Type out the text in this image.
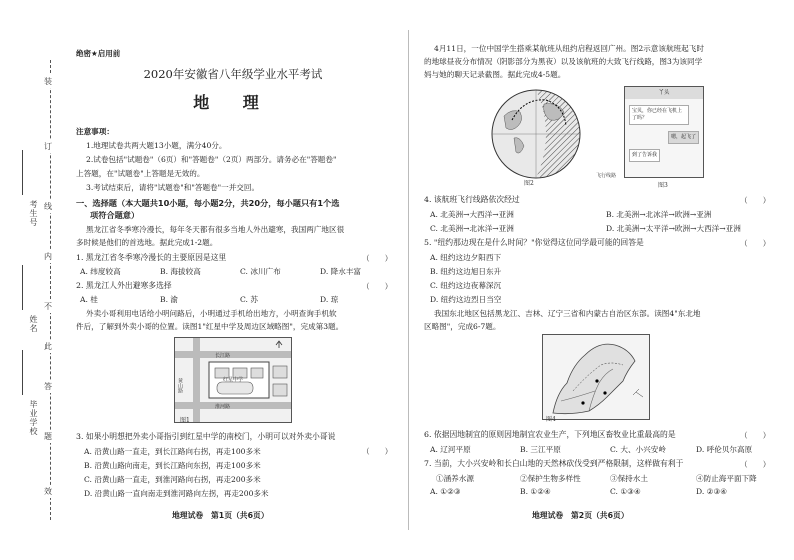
装
订
线
内
不
此
答
题
效
考生号
姓名
毕业学校
绝密★启用前
2020年安徽省八年级学业水平考试
地 理
注意事项：
1.地理试卷共两大题13小题，满分40分。
2.试卷包括"试题卷"（6页）和"答题卷"（2页）两部分。请务必在"答题卷"
上答题，在"试题卷"上答题是无效的。
3.考试结束后，请将"试题卷"和"答题卷"一并交回。
一、选择题（本大题共10小题，每小题2分，共20分，每小题只有1个选
项符合题意）
黑龙江省冬季寒冷漫长，每年冬天都有很多当地人外出避寒，我国两广地区很
多时候是他们的首选地。据此完成1-2题。
1. 黑龙江省冬季寒冷漫长的主要原因是这里	（　　）
A. 纬度较高	B. 海拔较高	C. 冰川广布	D. 降水丰富
2. 黑龙江人外出避寒多选择	（　　）
A. 桂	B. 渝	C. 苏	D. 琼
外卖小哥利用电话给小明问路后，小明通过手机给出地方，小明查询手机软
件后，了解到外卖小哥的位置。读图1"红星中学及周边区域略图"，完成第3题。
长江路
黄山路
淮河路
红星中学
图1
3. 如果小明想把外卖小哥指引到红星中学的南校门，小明可以对外卖小哥说
（　　）
A. 沿黄山路一直走，到长江路向右拐，再走100多米
B. 沿黄山路向南走，到长江路向东拐，再走100多米
C. 沿黄山路一直走，到淮河路向右拐，再走200多米
D. 沿黄山路一直向南走到淮河路向左拐，再走200多米
地理试卷　第1页（共6页）
4月11日，一位中国学生搭乘某航班从纽约启程返回广州。图2示意该航班起飞时
的地球昼夜分布情况（阴影部分为黑夜）以及该航班的大致飞行线路，图3为该同学
妈与她的聊天记录截图。据此完成4-5题。
图2
飞行线路
丫头
宝贝，你已经在飞机上了吗？
嗯，起飞了
到了告诉我
图3
4. 该航班飞行线路依次经过	（　　）
A. 北美洲→大西洋→亚洲	B. 北美洲→北冰洋→欧洲→亚洲
C. 北美洲→北冰洋→亚洲	D. 北美洲→太平洋→欧洲→大西洋→亚洲
5. "纽约那边现在是什么时间？"你觉得这位同学最可能的回答是	（　　）
A. 纽约这边夕阳西下
B. 纽约这边旭日东升
C. 纽约这边夜幕深沉
D. 纽约这边烈日当空
我国东北地区包括黑龙江、吉林、辽宁三省和内蒙古自治区东部。读图4"东北地
区略图"，完成6-7题。
图4
6. 依据因地制宜的原则因地制宜农业生产，下列地区畜牧业比重最高的是	（　　）
A. 辽河平原	B. 三江平原	C. 大、小兴安岭	D. 呼伦贝尔高原
7. 当前，大小兴安岭和长白山地的天然林砍伐受到严格限制，这样做有利于	（　　）
①涵养水源	②保护生物多样性	③保持水土	④防止海平面下降
A. ①②③	B. ①②④	C. ①③④	D. ②③④
地理试卷　第2页（共6页）
